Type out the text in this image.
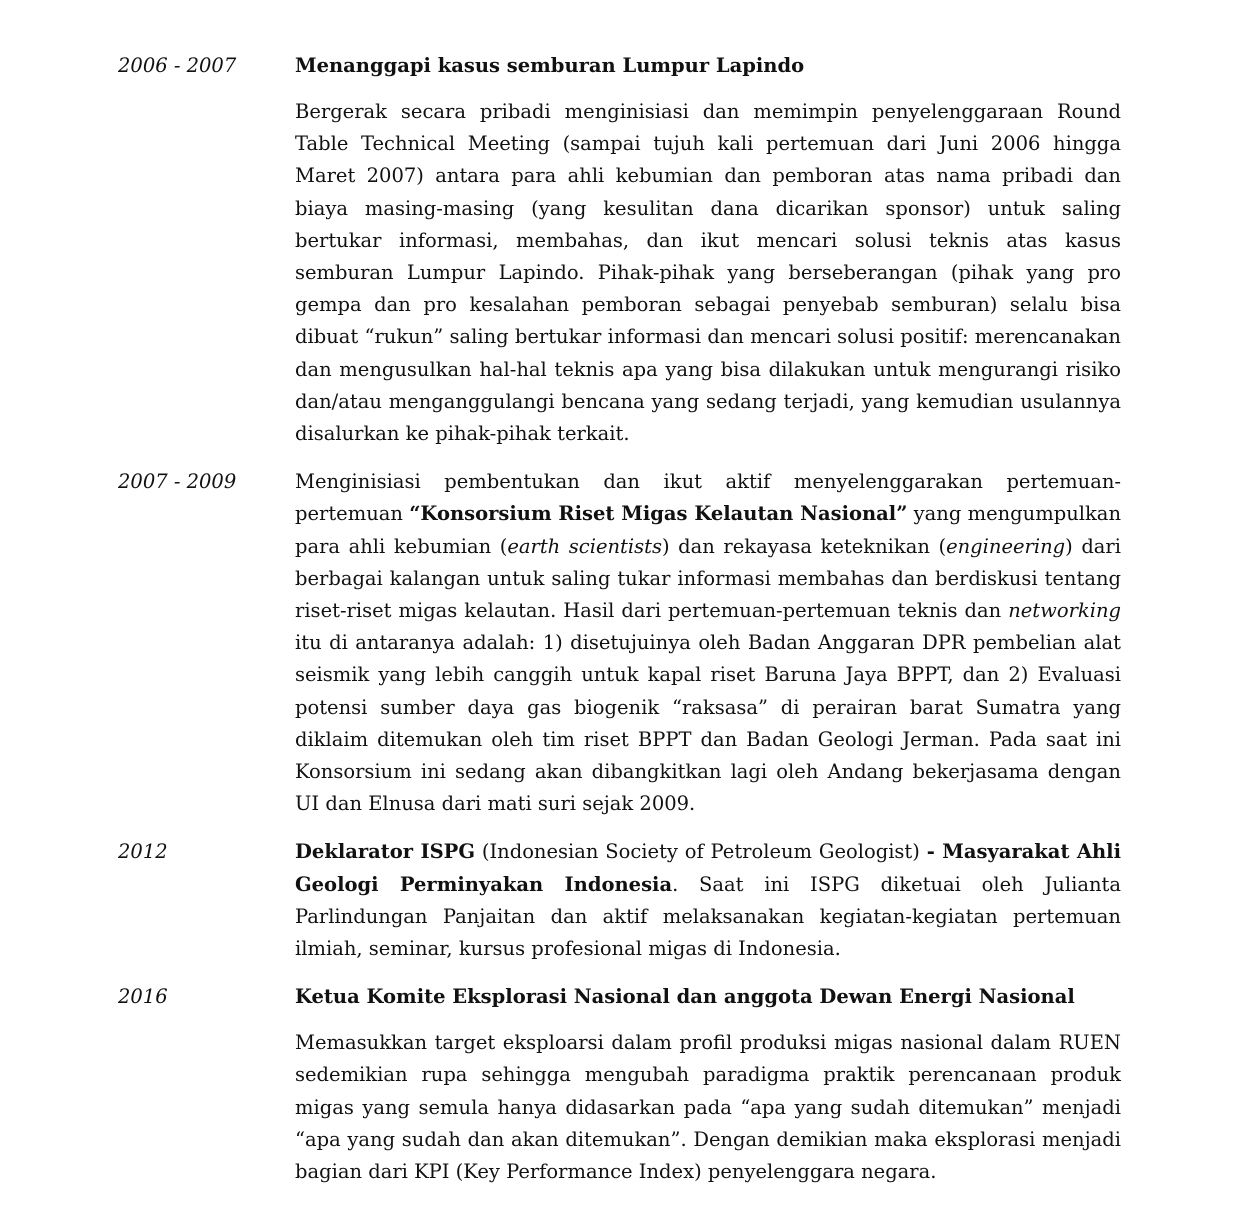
2006 - 2007	Menanggapi kasus semburan Lumpur Lapindo

Bergerak secara pribadi menginisiasi dan memimpin penyelenggaraan Round Table Technical Meeting (sampai tujuh kali pertemuan dari Juni 2006 hingga Maret 2007) antara para ahli kebumian dan pemboran atas nama pribadi dan biaya masing-masing (yang kesulitan dana dicarikan sponsor) untuk saling bertukar informasi, membahas, dan ikut mencari solusi teknis atas kasus semburan Lumpur Lapindo. Pihak-pihak yang berseberangan (pihak yang pro gempa dan pro kesalahan pemboran sebagai penyebab semburan) selalu bisa dibuat “rukun” saling bertukar informasi dan mencari solusi positif: merencanakan dan mengusulkan hal-hal teknis apa yang bisa dilakukan untuk mengurangi risiko dan/atau menganggulangi bencana yang sedang terjadi, yang kemudian usulannya disalurkan ke pihak-pihak terkait.

2007 - 2009	Menginisiasi pembentukan dan ikut aktif menyelenggarakan pertemuan-pertemuan “Konsorsium Riset Migas Kelautan Nasional” yang mengumpulkan para ahli kebumian (earth scientists) dan rekayasa keteknikan (engineering) dari berbagai kalangan untuk saling tukar informasi membahas dan berdiskusi tentang riset-riset migas kelautan. Hasil dari pertemuan-pertemuan teknis dan networking itu di antaranya adalah: 1) disetujuinya oleh Badan Anggaran DPR pembelian alat seismik yang lebih canggih untuk kapal riset Baruna Jaya BPPT, dan 2) Evaluasi potensi sumber daya gas biogenik “raksasa” di perairan barat Sumatra yang diklaim ditemukan oleh tim riset BPPT dan Badan Geologi Jerman. Pada saat ini Konsorsium ini sedang akan dibangkitkan lagi oleh Andang bekerjasama dengan UI dan Elnusa dari mati suri sejak 2009.

2012	Deklarator ISPG (Indonesian Society of Petroleum Geologist) - Masyarakat Ahli Geologi Perminyakan Indonesia. Saat ini ISPG diketuai oleh Julianta Parlindungan Panjaitan dan aktif melaksanakan kegiatan-kegiatan pertemuan ilmiah, seminar, kursus profesional migas di Indonesia.

2016	Ketua Komite Eksplorasi Nasional dan anggota Dewan Energi Nasional

Memasukkan target eksploarsi dalam profil produksi migas nasional dalam RUEN sedemikian rupa sehingga mengubah paradigma praktik perencanaan produk migas yang semula hanya didasarkan pada “apa yang sudah ditemukan” menjadi “apa yang sudah dan akan ditemukan”. Dengan demikian maka eksplorasi menjadi bagian dari KPI (Key Performance Index) penyelenggara negara.
